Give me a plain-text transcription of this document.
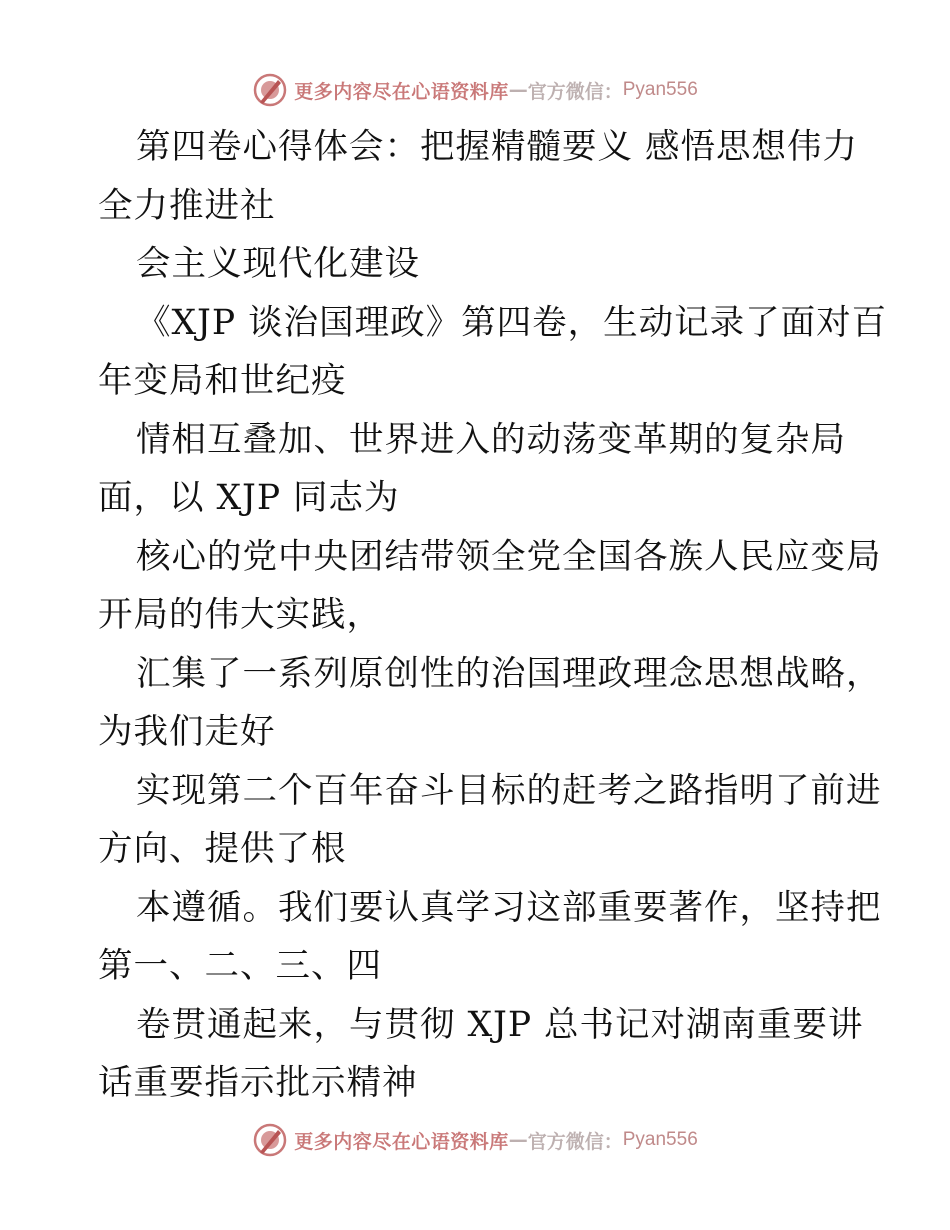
更多内容尽在心语资料库 — 官方微信： Pyan556
第四卷心得体会：把握精髓要义 感悟思想伟力
全力推进社
会主义现代化建设
《XJP 谈治国理政》第四卷，生动记录了面对百
年变局和世纪疫
情相互叠加、世界进入的动荡变革期的复杂局
面，以 XJP 同志为
核心的党中央团结带领全党全国各族人民应变局
开局的伟大实践，
汇集了一系列原创性的治国理政理念思想战略，
为我们走好
实现第二个百年奋斗目标的赶考之路指明了前进
方向、提供了根
本遵循。我们要认真学习这部重要著作，坚持把
第一、二、三、四
卷贯通起来，与贯彻 XJP 总书记对湖南重要讲
话重要指示批示精神
更多内容尽在心语资料库 — 官方微信： Pyan556
